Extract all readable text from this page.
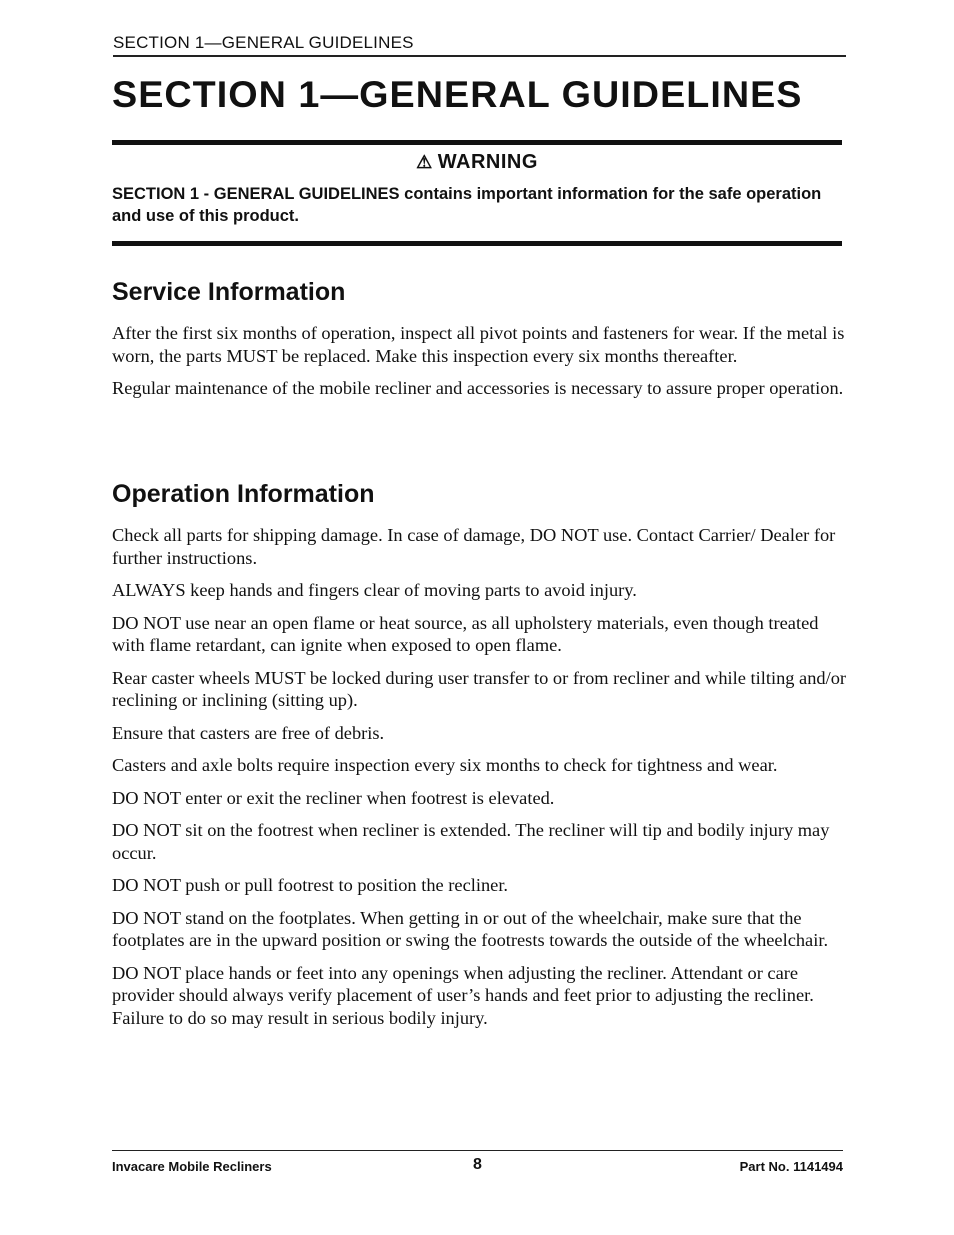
SECTION 1—GENERAL GUIDELINES
SECTION 1—GENERAL GUIDELINES
⚠ WARNING

SECTION 1 - GENERAL GUIDELINES contains important information for the safe operation and use of this product.

Service Information

After the first six months of operation, inspect all pivot points and fasteners for wear. If the metal is worn, the parts MUST be replaced. Make this inspection every six months thereafter.

Regular maintenance of the mobile recliner and accessories is necessary to assure proper operation.

Operation Information

Check all parts for shipping damage. In case of damage, DO NOT use. Contact Carrier/ Dealer for further instructions.

ALWAYS keep hands and fingers clear of moving parts to avoid injury.

DO NOT use near an open flame or heat source, as all upholstery materials, even though treated with flame retardant, can ignite when exposed to open flame.

Rear caster wheels MUST be locked during user transfer to or from recliner and while tilting and/or reclining or inclining (sitting up).

Ensure that casters are free of debris.

Casters and axle bolts require inspection every six months to check for tightness and wear.

DO NOT enter or exit the recliner when footrest is elevated.

DO NOT sit on the footrest when recliner is extended. The recliner will tip and bodily injury may occur.

DO NOT push or pull footrest to position the recliner.

DO NOT stand on the footplates. When getting in or out of the wheelchair, make sure that the footplates are in the upward position or swing the footrests towards the outside of the wheelchair.

DO NOT place hands or feet into any openings when adjusting the recliner. Attendant or care provider should always verify placement of user’s hands and feet prior to adjusting the recliner. Failure to do so may result in serious bodily injury.

Invacare Mobile Recliners	8	Part No. 1141494
